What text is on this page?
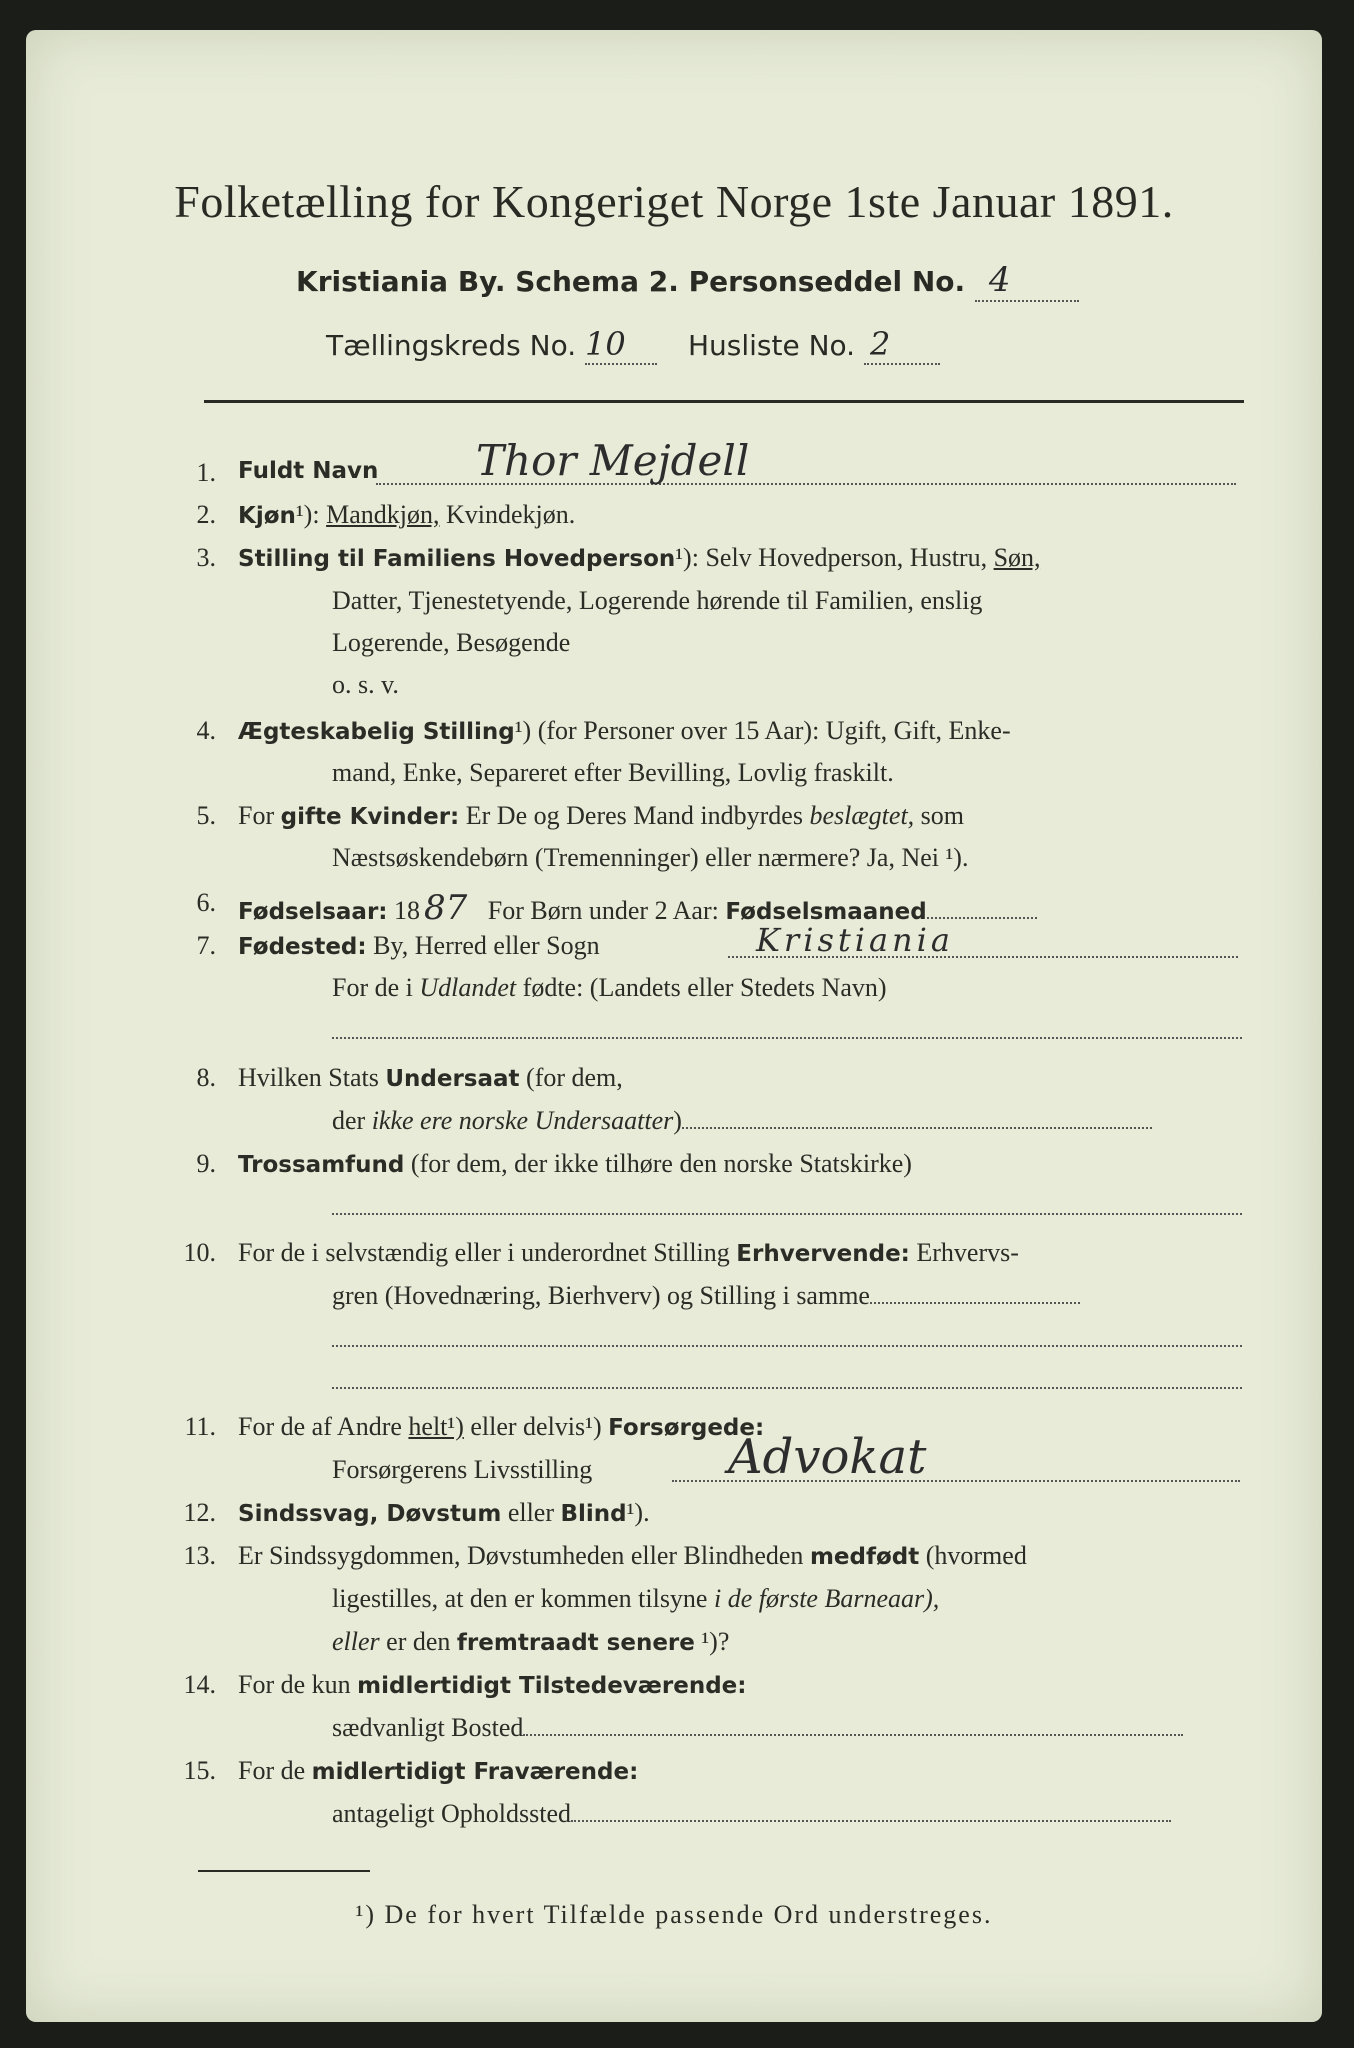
Folketælling for Kongeriget Norge 1ste Januar 1891.
Kristiania By. Schema 2. Personseddel No. 4
Tællingskreds No. 10 Husliste No. 2
1. Fuldt Navn Thor Mejdell
2. Kjøn¹): Mandkjøn, Kvindekjøn.
3. Stilling til Familiens Hovedperson¹): Selv Hovedperson, Hustru, Søn,
Datter, Tjenestetyende, Logerende hørende til Familien, enslig
Logerende, Besøgende
o. s. v.
4. Ægteskabelig Stilling¹) (for Personer over 15 Aar): Ugift, Gift, Enke-
mand, Enke, Separeret efter Bevilling, Lovlig fraskilt.
5. For gifte Kvinder: Er De og Deres Mand indbyrdes beslægtet, som
Næstsøskendebørn (Tremenninger) eller nærmere? Ja, Nei ¹).
6. Fødselsaar: 18 87 For Børn under 2 Aar: Fødselsmaaned
7. Fødested: By, Herred eller Sogn	Kristiania
For de i Udlandet fødte: (Landets eller Stedets Navn)
8. Hvilken Stats Undersaat (for dem,
der ikke ere norske Undersaatter)
9. Trossamfund (for dem, der ikke tilhøre den norske Statskirke)
10. For de i selvstændig eller i underordnet Stilling Erhvervende: Erhvervs-
gren (Hovednæring, Bierhverv) og Stilling i samme
11. For de af Andre helt¹) eller delvis¹) Forsørgede:
Forsørgerens Livsstilling	Advokat
12. Sindssvag, Døvstum eller Blind¹).
13. Er Sindssygdommen, Døvstumheden eller Blindheden medfødt (hvormed
ligestilles, at den er kommen tilsyne i de første Barneaar),
eller er den fremtraadt senere ¹)?
14. For de kun midlertidigt Tilstedeværende:
sædvanligt Bosted
15. For de midlertidigt Fraværende:
antageligt Opholdssted
¹) De for hvert Tilfælde passende Ord understreges.
